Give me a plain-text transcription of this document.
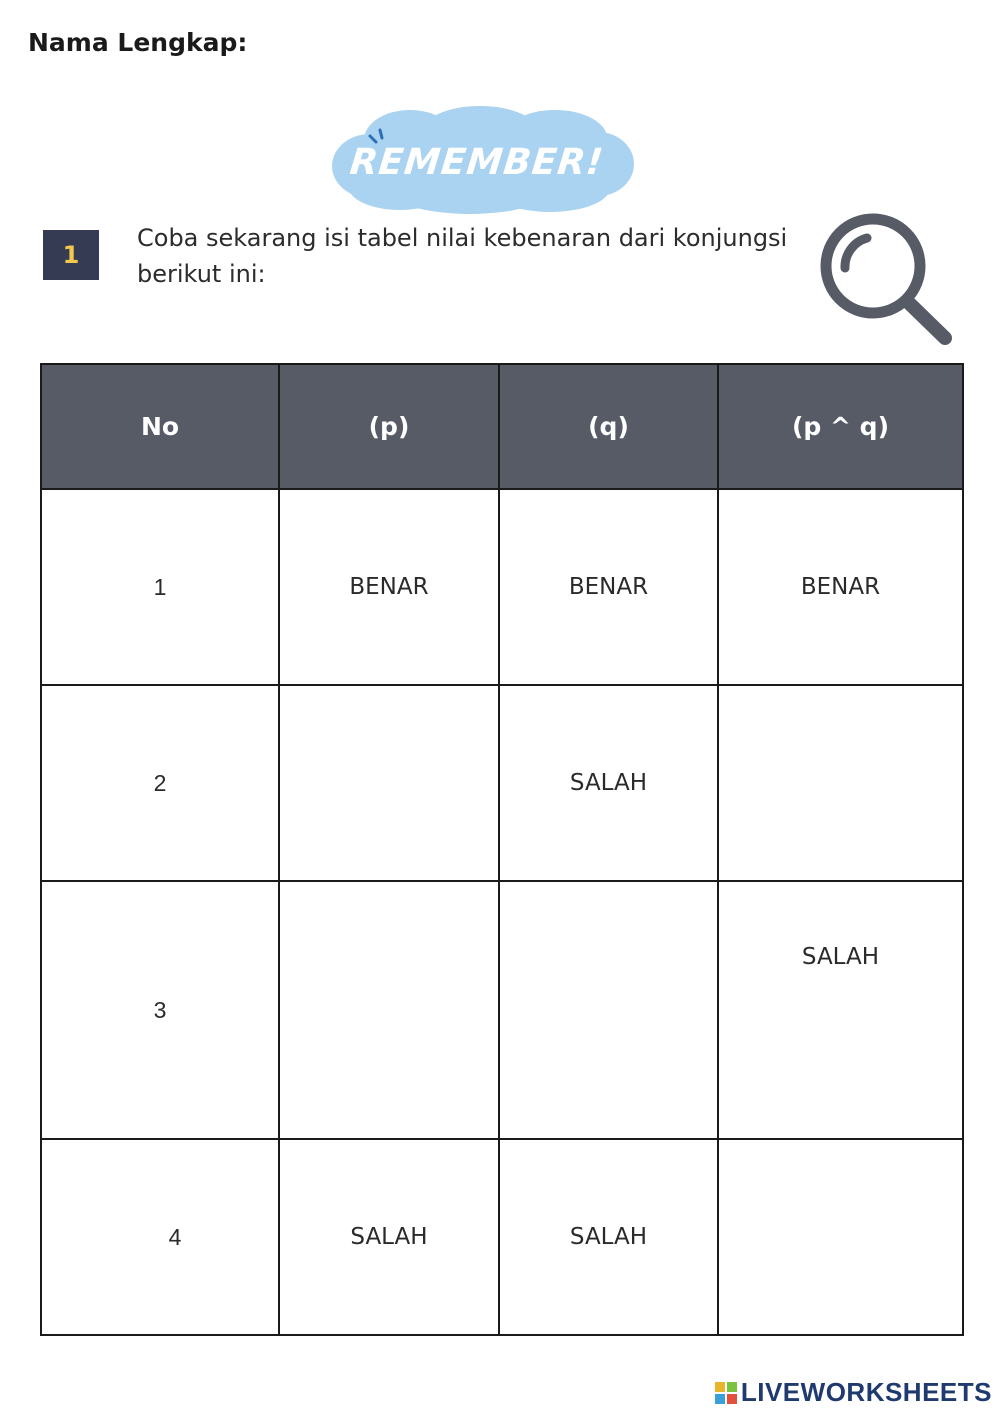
Nama Lengkap:
REMEMBER!
1
Coba sekarang isi tabel nilai kebenaran dari konjungsi berikut ini:
No	(p)	(q)	(p ^ q)
1	BENAR	BENAR	BENAR
2		SALAH	
3			SALAH
4	SALAH	SALAH	
LIVEWORKSHEETS
